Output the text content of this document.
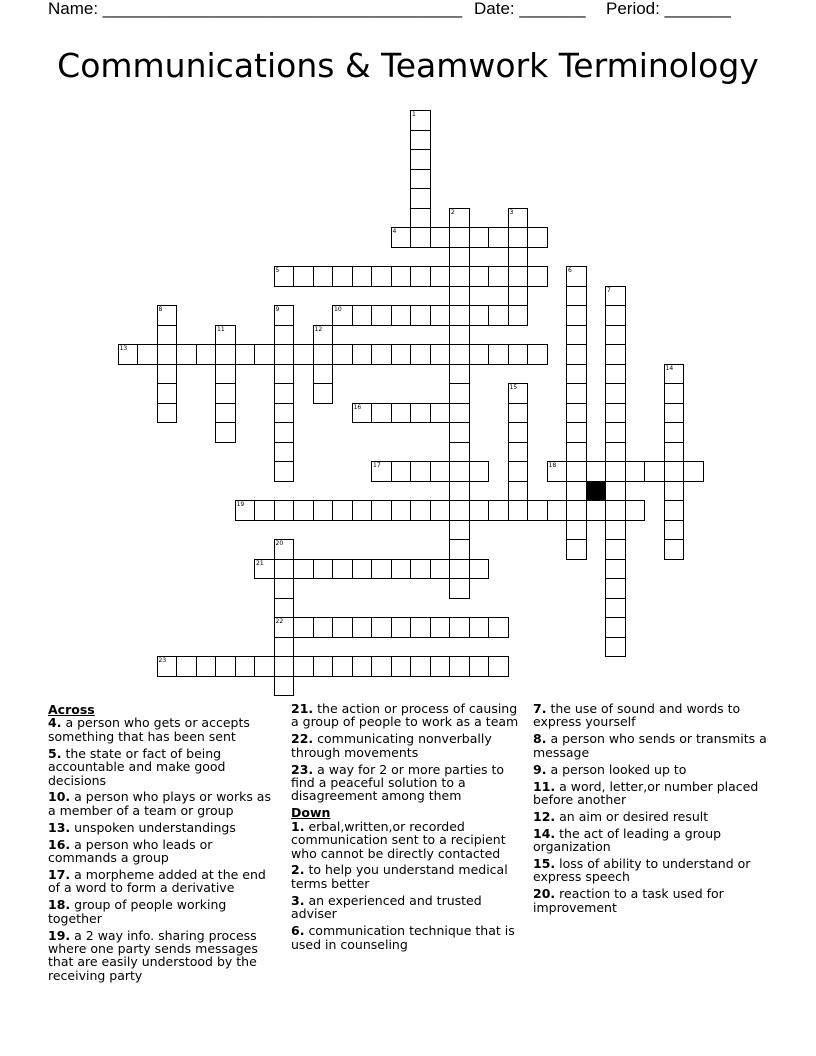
Name: ______________________________________ Date: _______ Period: _______
Communications & Teamwork Terminology
1
2	3
4
5	6
7
8	9	10
11	12
13
14
15
16
17	18
19
20
22
21
23
Across
4. a person who gets or accepts something that has been sent
5. the state or fact of being accountable and make good decisions
10. a person who plays or works as a member of a team or group
13. unspoken understandings
16. a person who leads or commands a group
17. a morpheme added at the end of a word to form a derivative
18. group of people working together
19. a 2 way info. sharing process where one party sends messages that are easily understood by the receiving party
21. the action or process of causing a group of people to work as a team
22. communicating nonverbally through movements
23. a way for 2 or more parties to find a peaceful solution to a disagreement among them
Down
1. erbal,written,or recorded communication sent to a recipient who cannot be directly contacted
2. to help you understand medical terms better
3. an experienced and trusted adviser
6. communication technique that is used in counseling
7. the use of sound and words to express yourself
8. a person who sends or transmits a message
9. a person looked up to
11. a word, letter,or number placed before another
12. an aim or desired result
14. the act of leading a group organization
15. loss of ability to understand or express speech
20. reaction to a task used for improvement
